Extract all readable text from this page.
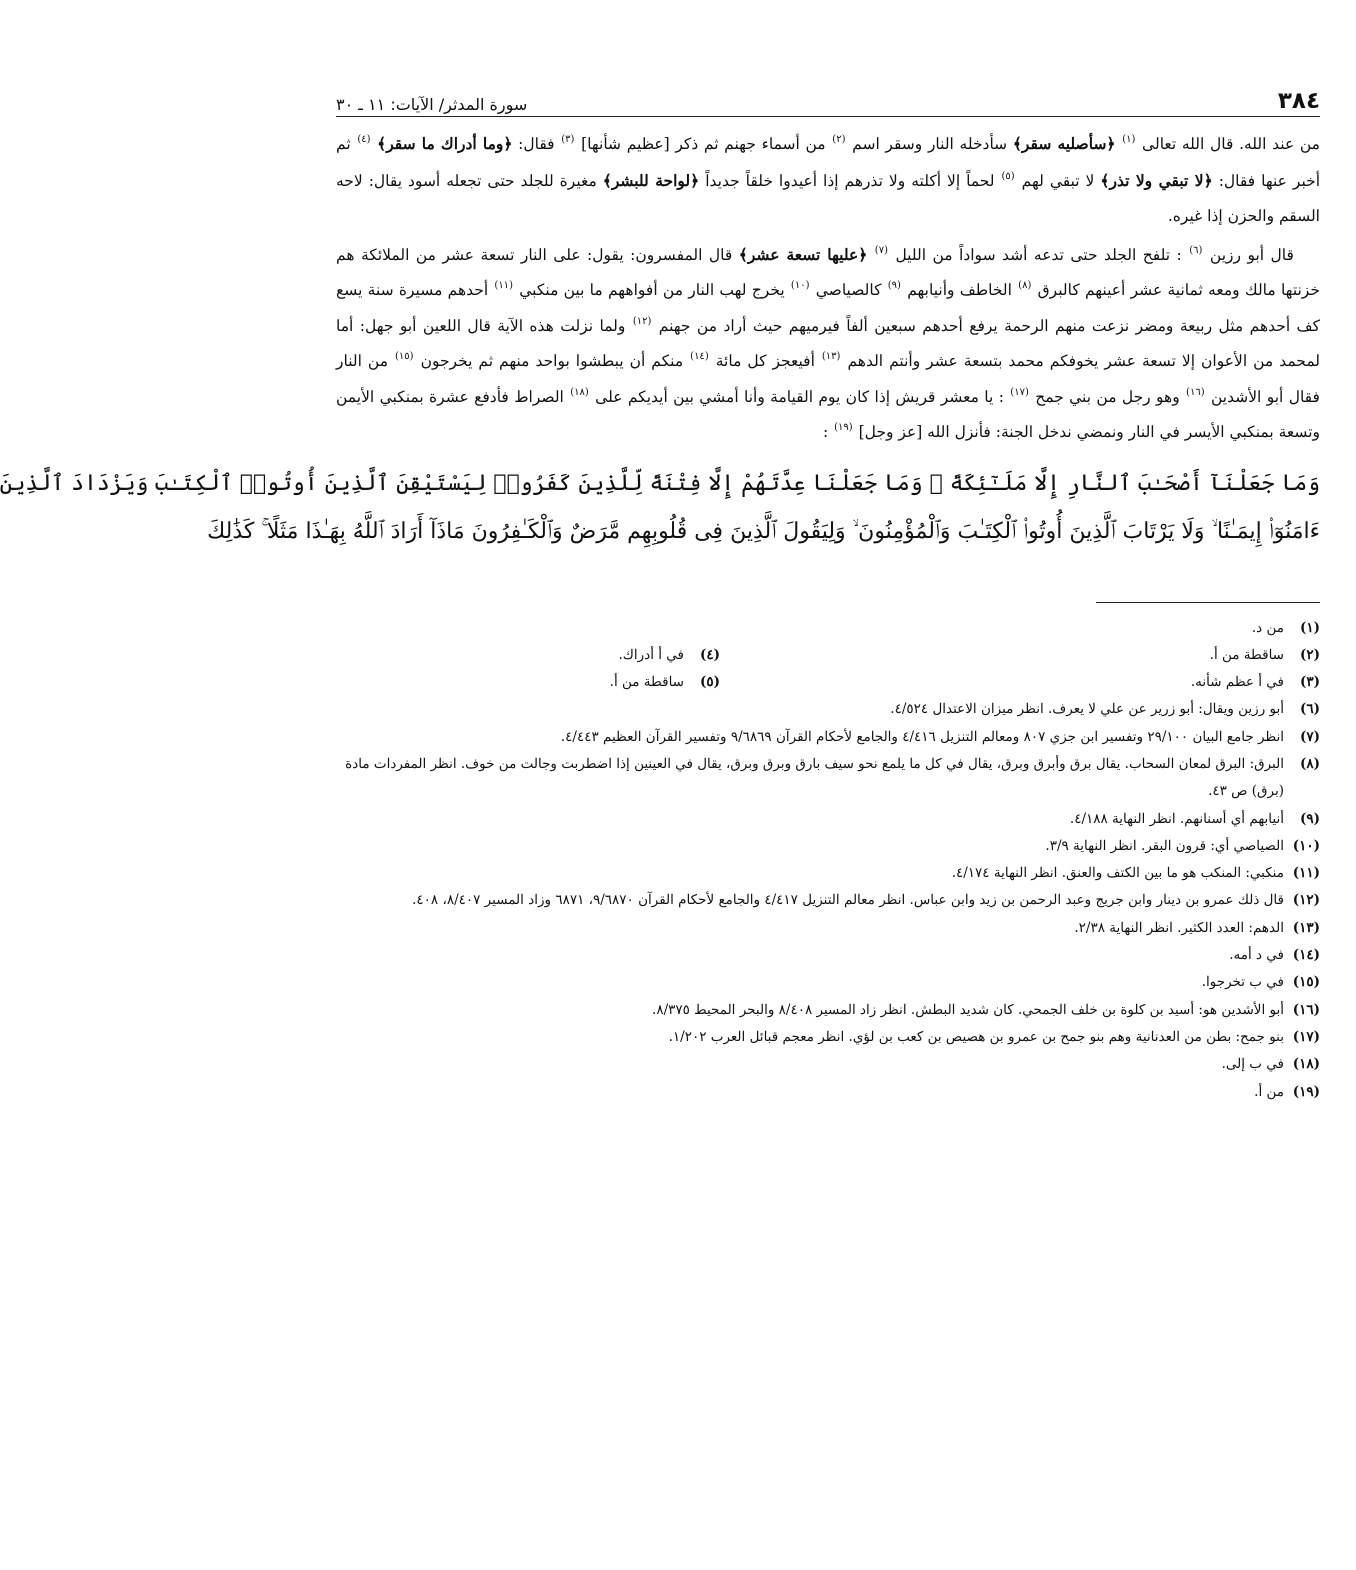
٣٨٤
سورة المدثر/ الآيات: ١١ ـ ٣٠

من عند الله. قال الله تعالى $^{(١)}$ ﴿سأصليه سقر﴾ سأدخله النار وسقر اسم $^{(٢)}$ من أسماء جهنم ثم ذكر [عظيم شأنها] $^{(٣)}$ فقال: ﴿وما أدراك ما سقر﴾ $^{(٤)}$ ثم أخبر عنها فقال: ﴿لا تبقي ولا تذر﴾ لا تبقي لهم $^{(٥)}$ لحماً إلا أكلته ولا تذرهم إذا أعيدوا خلقاً جديداً ﴿لواحة للبشر﴾ مغيرة للجلد حتى تجعله أسود يقال: لاحه السقم والحزن إذا غيره.

قال أبو رزين $^{(٦)}$ : تلفح الجلد حتى تدعه أشد سواداً من الليل $^{(٧)}$ ﴿عليها تسعة عشر﴾ قال المفسرون: يقول: على النار تسعة عشر من الملائكة هم خزنتها مالك ومعه ثمانية عشر أعينهم كالبرق $^{(٨)}$ الخاطف وأنيابهم $^{(٩)}$ كالصياصي $^{(١٠)}$ يخرج لهب النار من أفواههم ما بين منكبي $^{(١١)}$ أحدهم مسيرة سنة يسع كف أحدهم مثل ربيعة ومضر نزعت منهم الرحمة يرفع أحدهم سبعين ألفاً فيرميهم حيث أراد من جهنم $^{(١٢)}$ ولما نزلت هذه الآية قال اللعين أبو جهل: أما لمحمد من الأعوان إلا تسعة عشر يخوفكم محمد بتسعة عشر وأنتم الدهم $^{(١٣)}$ أفيعجز كل مائة $^{(١٤)}$ منكم أن يبطشوا بواحد منهم ثم يخرجون $^{(١٥)}$ من النار فقال أبو الأشدين $^{(١٦)}$ وهو رجل من بني جمح $^{(١٧)}$ : يا معشر قريش إذا كان يوم القيامة وأنا أمشي بين أيديكم على $^{(١٨)}$ الصراط فأدفع عشرة بمنكبي الأيمن وتسعة بمنكبي الأيسر في النار ونمضي ندخل الجنة: فأنزل الله [عز وجل] $^{(١٩)}$ :

وَمَا جَعَلْنَآ أَصْحَـٰبَ ٱلنَّارِ إِلَّا مَلَـٰٓئِكَةً ۙ وَمَا جَعَلْنَا عِدَّتَهُمْ إِلَّا فِتْنَةً لِّلَّذِينَ كَفَرُوا۟ لِيَسْتَيْقِنَ ٱلَّذِينَ أُوتُوا۟ ٱلْكِتَـٰبَ وَيَزْدَادَ ٱلَّذِينَ
ءَامَنُوٓا۟ إِيمَـٰنًا ۙ وَلَا يَرْتَابَ ٱلَّذِينَ أُوتُوا۟ ٱلْكِتَـٰبَ وَٱلْمُؤْمِنُونَ ۙ وَلِيَقُولَ ٱلَّذِينَ فِى قُلُوبِهِم مَّرَضٌ وَٱلْكَـٰفِرُونَ مَاذَآ أَرَادَ ٱللَّهُ بِهَـٰذَا مَثَلًا ۚ كَذَٰلِكَ
(١)
من د.
(٢)
ساقطة من أ.
(٤)
في أ أدراك.
(٣)
في أ عظم شأنه.
(٥)
ساقطة من أ.
(٦)
أبو رزين ويقال: أبو زرير عن علي لا يعرف. انظر ميزان الاعتدال ٤/٥٢٤.
(٧)
انظر جامع البيان ٢٩/١٠٠ وتفسير ابن جزي ٨٠٧ ومعالم التنزيل ٤/٤١٦ والجامع لأحكام القرآن ٩/٦٨٦٩ وتفسير القرآن العظيم ٤/٤٤٣.
(٨)
البرق: البرق لمعان السحاب. يقال برق وأبرق وبرق، يقال في كل ما يلمع نحو سيف بارق وبرق وبرق، يقال في العينين إذا اضطربت وجالت من خوف. انظر المفردات مادة (برق) ص ٤٣.
(٩)
أنيابهم أي أسنانهم. انظر النهاية ٤/١٨٨.
(١٠)
الصياصي أي: قرون البقر. انظر النهاية ٣/٩.
(١١)
منكبي: المنكب هو ما بين الكتف والعنق. انظر النهاية ٤/١٧٤.
(١٢)
قال ذلك عمرو بن دينار وابن جريج وعبد الرحمن بن زيد وابن عباس. انظر معالم التنزيل ٤/٤١٧ والجامع لأحكام القرآن ٩/٦٨٧٠، ٦٨٧١ وزاد المسير ٨/٤٠٧، ٤٠٨.
(١٣)
الدهم: العدد الكثير. انظر النهاية ٢/٣٨.
(١٤)
في د أمه.
(١٥)
في ب تخرجوا.
(١٦)
أبو الأشدين هو: أسيد بن كلوة بن خلف الجمحي. كان شديد البطش. انظر زاد المسير ٨/٤٠٨ والبحر المحيط ٨/٣٧٥.
(١٧)
بنو جمح: بطن من العدنانية وهم بنو جمح بن عمرو بن هصيص بن كعب بن لؤي. انظر معجم قبائل العرب ١/٢٠٢.
(١٨)
في ب إلى.
(١٩)
من أ.
